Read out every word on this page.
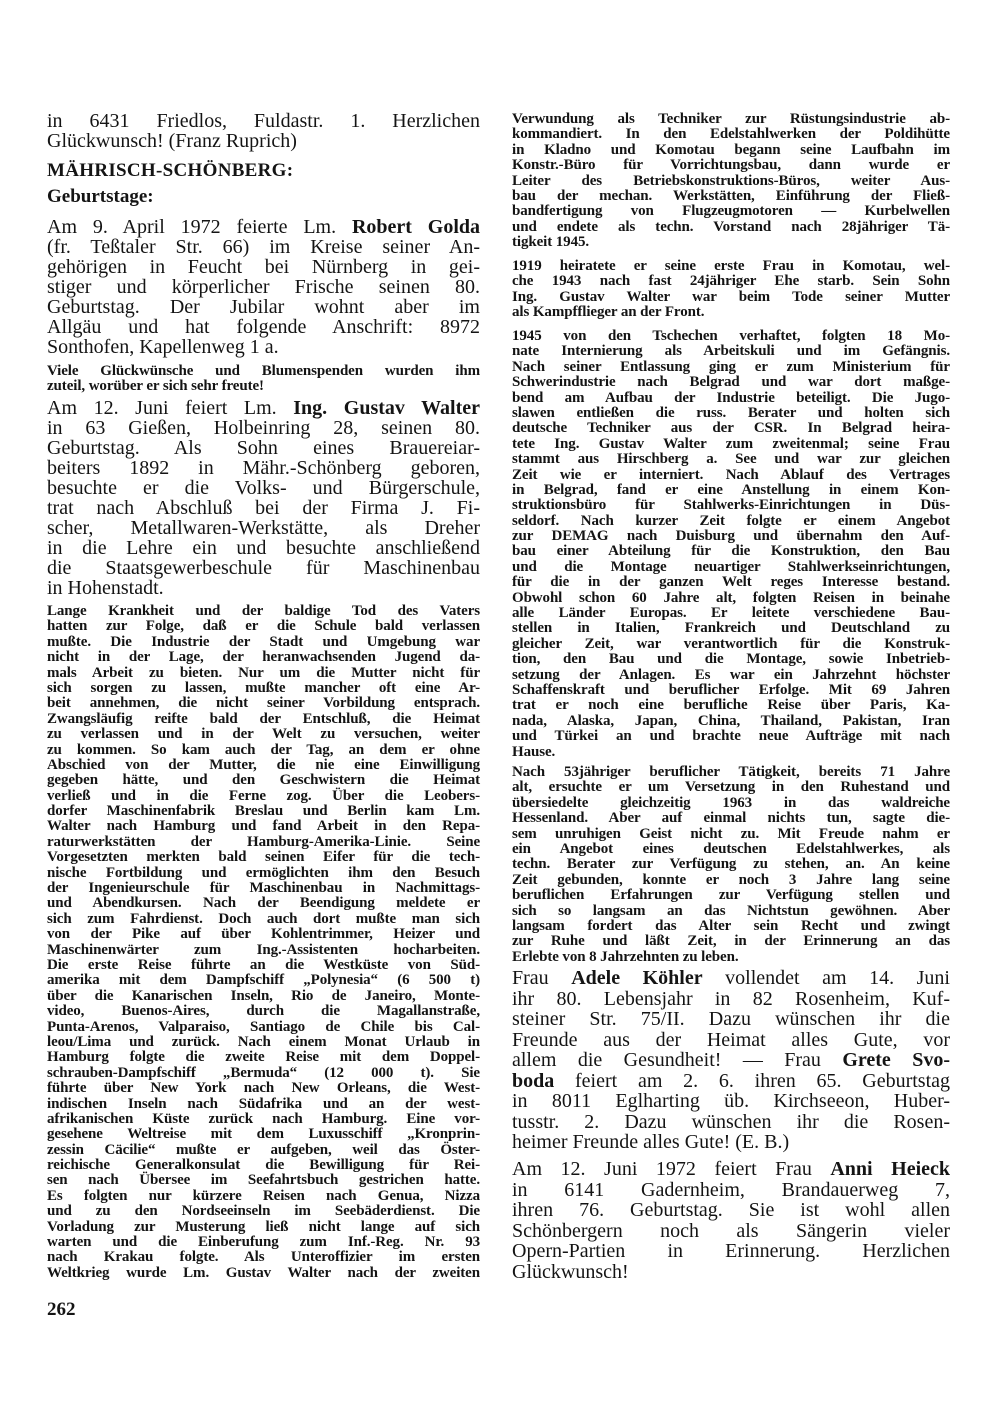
in 6431 Friedlos, Fuldastr. 1. Herzlichen
Glückwunsch! (Franz Ruprich)
MÄHRISCH-SCHÖNBERG:
Geburtstage:
Am 9. April 1972 feierte Lm. Robert Golda
(fr. Teßtaler Str. 66) im Kreise seiner An-
gehörigen in Feucht bei Nürnberg in gei-
stiger und körperlicher Frische seinen 80.
Geburtstag. Der Jubilar wohnt aber im
Allgäu und hat folgende Anschrift: 8972
Sonthofen, Kapellenweg 1 a.
Viele Glückwünsche und Blumenspenden wurden ihm
zuteil, worüber er sich sehr freute!
Am 12. Juni feiert Lm. Ing. Gustav Walter
in 63 Gießen, Holbeinring 28, seinen 80.
Geburtstag. Als Sohn eines Brauereiar-
beiters 1892 in Mähr.-Schönberg geboren,
besuchte er die Volks- und Bürgerschule,
trat nach Abschluß bei der Firma J. Fi-
scher, Metallwaren-Werkstätte, als Dreher
in die Lehre ein und besuchte anschließend
die Staatsgewerbeschule für Maschinenbau
in Hohenstadt.
Lange Krankheit und der baldige Tod des Vaters
hatten zur Folge, daß er die Schule bald verlassen
mußte. Die Industrie der Stadt und Umgebung war
nicht in der Lage, der heranwachsenden Jugend da-
mals Arbeit zu bieten. Nur um die Mutter nicht für
sich sorgen zu lassen, mußte mancher oft eine Ar-
beit annehmen, die nicht seiner Vorbildung entsprach.
Zwangsläufig reifte bald der Entschluß, die Heimat
zu verlassen und in der Welt zu versuchen, weiter
zu kommen. So kam auch der Tag, an dem er ohne
Abschied von der Mutter, die nie eine Einwilligung
gegeben hätte, und den Geschwistern die Heimat
verließ und in die Ferne zog. Über die Leobers-
dorfer Maschinenfabrik Breslau und Berlin kam Lm.
Walter nach Hamburg und fand Arbeit in den Repa-
raturwerkstätten der Hamburg-Amerika-Linie. Seine
Vorgesetzten merkten bald seinen Eifer für die tech-
nische Fortbildung und ermöglichten ihm den Besuch
der Ingenieurschule für Maschinenbau in Nachmittags-
und Abendkursen. Nach der Beendigung meldete er
sich zum Fahrdienst. Doch auch dort mußte man sich
von der Pike auf über Kohlentrimmer, Heizer und
Maschinenwärter zum Ing.-Assistenten hocharbeiten.
Die erste Reise führte an die Westküste von Süd-
amerika mit dem Dampfschiff „Polynesia“ (6 500 t)
über die Kanarischen Inseln, Rio de Janeiro, Monte-
video, Buenos-Aires, durch die Magallanstraße,
Punta-Arenos, Valparaiso, Santiago de Chile bis Cal-
leou/Lima und zurück. Nach einem Monat Urlaub in
Hamburg folgte die zweite Reise mit dem Doppel-
schrauben-Dampfschiff „Bermuda“ (12 000 t). Sie
führte über New York nach New Orleans, die West-
indischen Inseln nach Südafrika und an der west-
afrikanischen Küste zurück nach Hamburg. Eine vor-
gesehene Weltreise mit dem Luxusschiff „Kronprin-
zessin Cäcilie“ mußte er aufgeben, weil das Öster-
reichische Generalkonsulat die Bewilligung für Rei-
sen nach Übersee im Seefahrtsbuch gestrichen hatte.
Es folgten nur kürzere Reisen nach Genua, Nizza
und zu den Nordseeinseln im Seebäderdienst. Die
Vorladung zur Musterung ließ nicht lange auf sich
warten und die Einberufung zum Inf.-Reg. Nr. 93
nach Krakau folgte. Als Unteroffizier im ersten
Weltkrieg wurde Lm. Gustav Walter nach der zweiten
262
Verwundung als Techniker zur Rüstungsindustrie ab-
kommandiert. In den Edelstahlwerken der Poldihütte
in Kladno und Komotau begann seine Laufbahn im
Konstr.-Büro für Vorrichtungsbau, dann wurde er
Leiter des Betriebskonstruktions-Büros, weiter Aus-
bau der mechan. Werkstätten, Einführung der Fließ-
bandfertigung von Flugzeugmotoren — Kurbelwellen
und endete als techn. Vorstand nach 28jähriger Tä-
tigkeit 1945.
1919 heiratete er seine erste Frau in Komotau, wel-
che 1943 nach fast 24jähriger Ehe starb. Sein Sohn
Ing. Gustav Walter war beim Tode seiner Mutter
als Kampfflieger an der Front.
1945 von den Tschechen verhaftet, folgten 18 Mo-
nate Internierung als Arbeitskuli und im Gefängnis.
Nach seiner Entlassung ging er zum Ministerium für
Schwerindustrie nach Belgrad und war dort maßge-
bend am Aufbau der Industrie beteiligt. Die Jugo-
slawen entließen die russ. Berater und holten sich
deutsche Techniker aus der CSR. In Belgrad heira-
tete Ing. Gustav Walter zum zweitenmal; seine Frau
stammt aus Hirschberg a. See und war zur gleichen
Zeit wie er interniert. Nach Ablauf des Vertrages
in Belgrad, fand er eine Anstellung in einem Kon-
struktionsbüro für Stahlwerks-Einrichtungen in Düs-
seldorf. Nach kurzer Zeit folgte er einem Angebot
zur DEMAG nach Duisburg und übernahm den Auf-
bau einer Abteilung für die Konstruktion, den Bau
und die Montage neuartiger Stahlwerkseinrichtungen,
für die in der ganzen Welt reges Interesse bestand.
Obwohl schon 60 Jahre alt, folgten Reisen in beinahe
alle Länder Europas. Er leitete verschiedene Bau-
stellen in Italien, Frankreich und Deutschland zu
gleicher Zeit, war verantwortlich für die Konstruk-
tion, den Bau und die Montage, sowie Inbetrieb-
setzung der Anlagen. Es war ein Jahrzehnt höchster
Schaffenskraft und beruflicher Erfolge. Mit 69 Jahren
trat er noch eine berufliche Reise über Paris, Ka-
nada, Alaska, Japan, China, Thailand, Pakistan, Iran
und Türkei an und brachte neue Aufträge mit nach
Hause.
Nach 53jähriger beruflicher Tätigkeit, bereits 71 Jahre
alt, ersuchte er um Versetzung in den Ruhestand und
übersiedelte gleichzeitig 1963 in das waldreiche
Hessenland. Aber auf einmal nichts tun, sagte die-
sem unruhigen Geist nicht zu. Mit Freude nahm er
ein Angebot eines deutschen Edelstahlwerkes, als
techn. Berater zur Verfügung zu stehen, an. An keine
Zeit gebunden, konnte er noch 3 Jahre lang seine
beruflichen Erfahrungen zur Verfügung stellen und
sich so langsam an das Nichtstun gewöhnen. Aber
langsam fordert das Alter sein Recht und zwingt
zur Ruhe und läßt Zeit, in der Erinnerung an das
Erlebte von 8 Jahrzehnten zu leben.
Frau Adele Köhler vollendet am 14. Juni
ihr 80. Lebensjahr in 82 Rosenheim, Kuf-
steiner Str. 75/II. Dazu wünschen ihr die
Freunde aus der Heimat alles Gute, vor
allem die Gesundheit! — Frau Grete Svo-
boda feiert am 2. 6. ihren 65. Geburtstag
in 8011 Eglharting üb. Kirchseeon, Huber-
tusstr. 2. Dazu wünschen ihr die Rosen-
heimer Freunde alles Gute! (E. B.)
Am 12. Juni 1972 feiert Frau Anni Heieck
in 6141 Gadernheim, Brandauerweg 7,
ihren 76. Geburtstag. Sie ist wohl allen
Schönbergern noch als Sängerin vieler
Opern-Partien in Erinnerung. Herzlichen
Glückwunsch!
